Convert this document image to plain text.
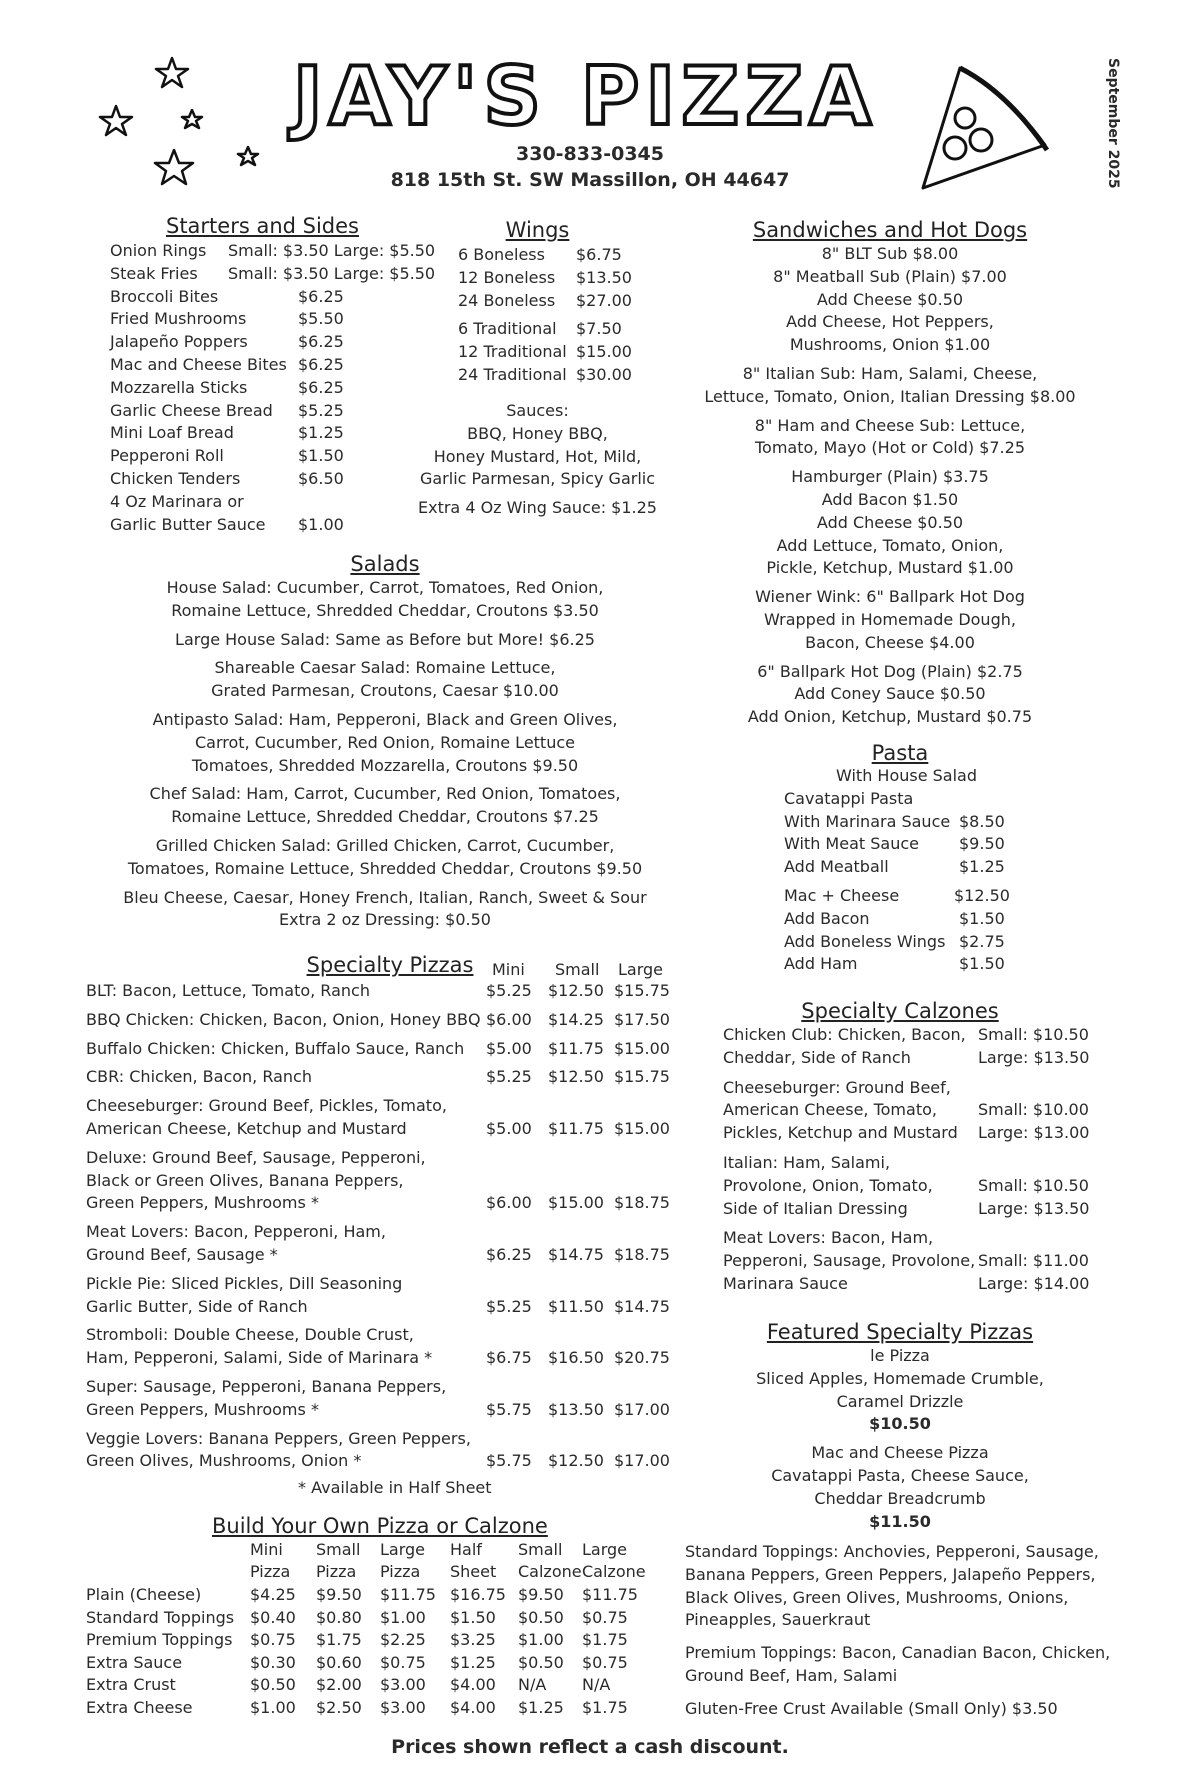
JAY'S PIZZA
330-833-0345
818 15th St. SW Massillon, OH 44647	September 2025
Starters and Sides
Onion Rings	Small: $3.50 Large: $5.50
Steak Fries	Small: $3.50 Large: $5.50
Broccoli Bites	$6.25
Fried Mushrooms	$5.50
Jalapeño Poppers	$6.25
Mac and Cheese Bites $6.25
Mozzarella Sticks	$6.25
Garlic Cheese Bread	$5.25
Mini Loaf Bread	$1.25
Pepperoni Roll	$1.50
Chicken Tenders	$6.50
4 Oz Marinara or
Garlic Butter Sauce	$1.00
Wings
6 Boneless	$6.75
12 Boneless	$13.50
24 Boneless	$27.00
6 Traditional	$7.50
12 Traditional $15.00
24 Traditional $30.00
Sauces:
BBQ, Honey BBQ,
Honey Mustard, Hot, Mild,
Garlic Parmesan, Spicy Garlic
Extra 4 Oz Wing Sauce: $1.25
Sandwiches and Hot Dogs
8" BLT Sub $8.00
8" Meatball Sub (Plain) $7.00
Add Cheese $0.50
Add Cheese, Hot Peppers,
Mushrooms, Onion $1.00
8" Italian Sub: Ham, Salami, Cheese,
Lettuce, Tomato, Onion, Italian Dressing $8.00
8" Ham and Cheese Sub: Lettuce,
Tomato, Mayo (Hot or Cold) $7.25
Hamburger (Plain) $3.75
Add Bacon $1.50
Add Cheese $0.50
Add Lettuce, Tomato, Onion,
Pickle, Ketchup, Mustard $1.00
Wiener Wink: 6" Ballpark Hot Dog
Wrapped in Homemade Dough,
Bacon, Cheese $4.00
6" Ballpark Hot Dog (Plain) $2.75
Add Coney Sauce $0.50
Add Onion, Ketchup, Mustard $0.75
Salads
House Salad: Cucumber, Carrot, Tomatoes, Red Onion,
Romaine Lettuce, Shredded Cheddar, Croutons $3.50
Large House Salad: Same as Before but More! $6.25
Shareable Caesar Salad: Romaine Lettuce,
Grated Parmesan, Croutons, Caesar $10.00
Antipasto Salad: Ham, Pepperoni, Black and Green Olives,
Carrot, Cucumber, Red Onion, Romaine Lettuce
Tomatoes, Shredded Mozzarella, Croutons $9.50
Chef Salad: Ham, Carrot, Cucumber, Red Onion, Tomatoes,
Romaine Lettuce, Shredded Cheddar, Croutons $7.25
Grilled Chicken Salad: Grilled Chicken, Carrot, Cucumber,
Tomatoes, Romaine Lettuce, Shredded Cheddar, Croutons $9.50
Bleu Cheese, Caesar, Honey French, Italian, Ranch, Sweet & Sour
Extra 2 oz Dressing: $0.50
Pasta
With House Salad
Cavatappi Pasta
With Marinara Sauce $8.50
With Meat Sauce	$9.50
Add Meatball	$1.25
Mac + Cheese	$12.50
Add Bacon	$1.50
Add Boneless Wings $2.75
Add Ham	$1.50
Specialty Pizzas Mini Small Large
BLT: Bacon, Lettuce, Tomato, Ranch	$5.25	$12.50 $15.75
BBQ Chicken: Chicken, Bacon, Onion, Honey BBQ $6.00	$14.25 $17.50
Buffalo Chicken: Chicken, Buffalo Sauce, Ranch	$5.00	$11.75 $15.00
CBR: Chicken, Bacon, Ranch	$5.25	$12.50 $15.75
Cheeseburger: Ground Beef, Pickles, Tomato,
American Cheese, Ketchup and Mustard	$5.00	$11.75 $15.00
Deluxe: Ground Beef, Sausage, Pepperoni,
Black or Green Olives, Banana Peppers,
Green Peppers, Mushrooms *	$6.00	$15.00 $18.75
Meat Lovers: Bacon, Pepperoni, Ham,
Ground Beef, Sausage *	$6.25	$14.75 $18.75
Pickle Pie: Sliced Pickles, Dill Seasoning
Garlic Butter, Side of Ranch	$5.25	$11.50 $14.75
Stromboli: Double Cheese, Double Crust,
Ham, Pepperoni, Salami, Side of Marinara *	$6.75	$16.50 $20.75
Super: Sausage, Pepperoni, Banana Peppers,
Green Peppers, Mushrooms *	$5.75	$13.50 $17.00
Veggie Lovers: Banana Peppers, Green Peppers,
Green Olives, Mushrooms, Onion *	$5.75	$12.50 $17.00
* Available in Half Sheet
Specialty Calzones
Chicken Club: Chicken, Bacon,
Cheddar, Side of Ranch
Small: $10.50
Large: $13.50
Cheeseburger: Ground Beef,
American Cheese, Tomato,
Pickles, Ketchup and Mustard
Small: $10.00
Large: $13.00
Italian: Ham, Salami,
Provolone, Onion, Tomato,
Side of Italian Dressing
Small: $10.50
Large: $13.50
Meat Lovers: Bacon, Ham,
Pepperoni, Sausage, Provolone,
Marinara Sauce
Small: $11.00
Large: $14.00
Featured Specialty Pizzas
le Pizza
Sliced Apples, Homemade Crumble,
Caramel Drizzle
$10.50
Mac and Cheese Pizza
Cavatappi Pasta, Cheese Sauce,
Cheddar Breadcrumb
$11.50
Build Your Own Pizza or Calzone
	Mini	Small	Large	Half	Small	Large
	Pizza	Pizza	Pizza	Sheet	Calzone	Calzone
Plain (Cheese)	$4.25	$9.50	$11.75	$16.75	$9.50	$11.75
Standard Toppings	$0.40	$0.80	$1.00	$1.50	$0.50	$0.75
Premium Toppings	$0.75	$1.75	$2.25	$3.25	$1.00	$1.75
Extra Sauce	$0.30	$0.60	$0.75	$1.25	$0.50	$0.75
Extra Crust	$0.50	$2.00	$3.00	$4.00	N/A	N/A
Extra Cheese	$1.00	$2.50	$3.00	$4.00	$1.25	$1.75
Standard Toppings: Anchovies, Pepperoni, Sausage,
Banana Peppers, Green Peppers, Jalapeño Peppers,
Black Olives, Green Olives, Mushrooms, Onions,
Pineapples, Sauerkraut
Premium Toppings: Bacon, Canadian Bacon, Chicken,
Ground Beef, Ham, Salami
Gluten-Free Crust Available (Small Only) $3.50
Prices shown reflect a cash discount.
